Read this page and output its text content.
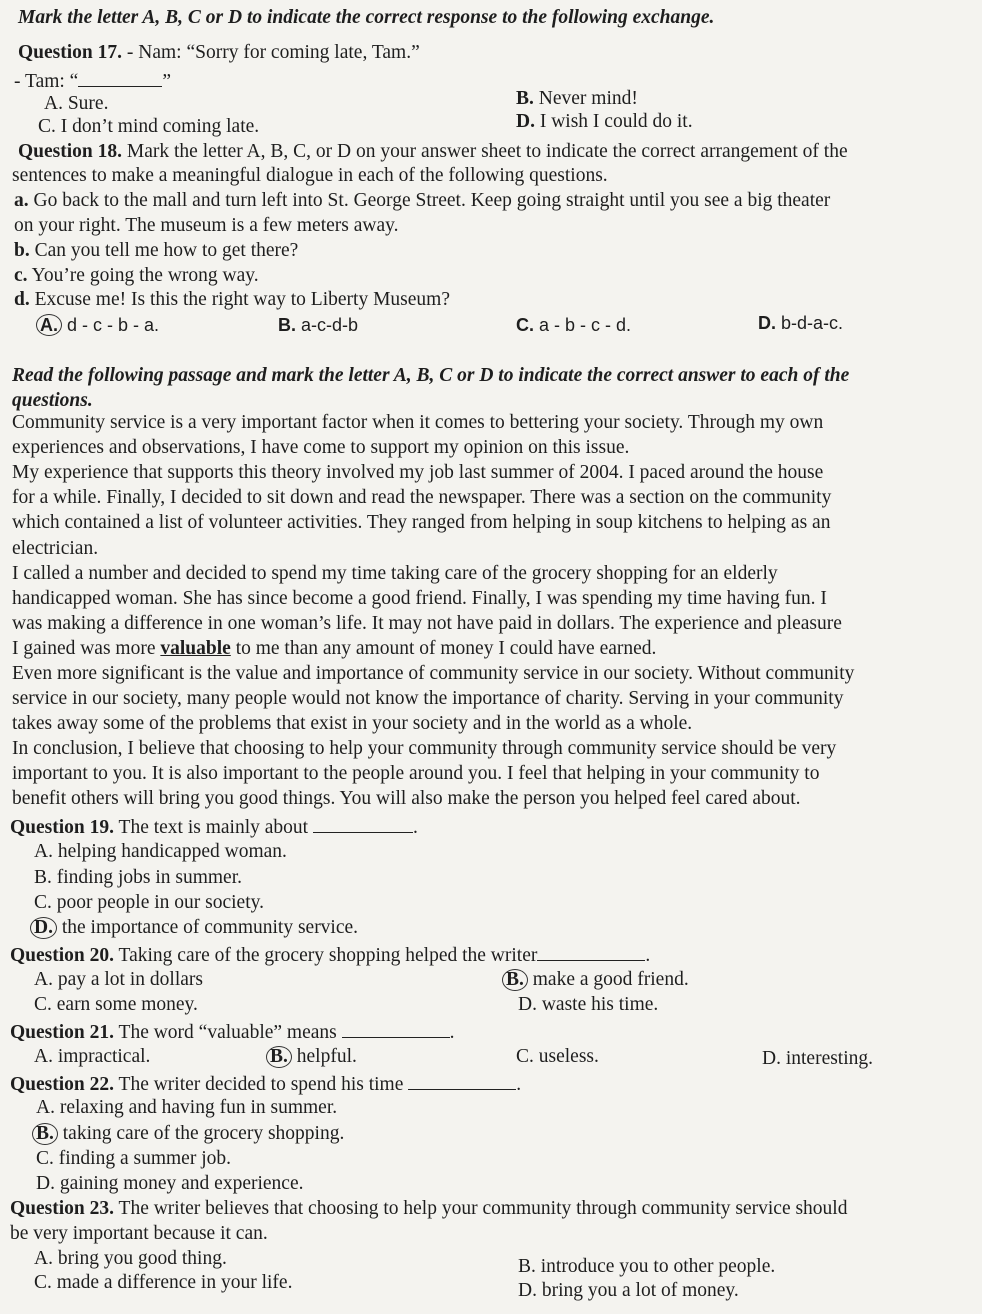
Mark the letter A, B, C or D to indicate the correct response to the following exchange.
Question 17. - Nam: “Sorry for coming late, Tam.”
- Tam: “	”
A. Sure.	B. Never mind!
C. I don’t mind coming late.	D. I wish I could do it.
Question 18. Mark the letter A, B, C, or D on your answer sheet to indicate the correct arrangement of the
sentences to make a meaningful dialogue in each of the following questions.
a. Go back to the mall and turn left into St. George Street. Keep going straight until you see a big theater
on your right. The museum is a few meters away.
b. Can you tell me how to get there?
c. You’re going the wrong way.
d. Excuse me! Is this the right way to Liberty Museum?
A. d - c - b - a.	B. a-c-d-b	C. a - b - c - d.	D. b-d-a-c.
Read the following passage and mark the letter A, B, C or D to indicate the correct answer to each of the
questions.
Community service is a very important factor when it comes to bettering your society. Through my own
experiences and observations, I have come to support my opinion on this issue.
My experience that supports this theory involved my job last summer of 2004. I paced around the house
for a while. Finally, I decided to sit down and read the newspaper. There was a section on the community
which contained a list of volunteer activities. They ranged from helping in soup kitchens to helping as an
electrician.
I called a number and decided to spend my time taking care of the grocery shopping for an elderly
handicapped woman. She has since become a good friend. Finally, I was spending my time having fun. I
was making a difference in one woman’s life. It may not have paid in dollars. The experience and pleasure
I gained was more valuable to me than any amount of money I could have earned.
Even more significant is the value and importance of community service in our society. Without community
service in our society, many people would not know the importance of charity. Serving in your community
takes away some of the problems that exist in your society and in the world as a whole.
In conclusion, I believe that choosing to help your community through community service should be very
important to you. It is also important to the people around you. I feel that helping in your community to
benefit others will bring you good things. You will also make the person you helped feel cared about.
Question 19. The text is mainly about	.
A. helping handicapped woman.
B. finding jobs in summer.
C. poor people in our society.
D. the importance of community service.
Question 20. Taking care of the grocery shopping helped the writer	.
A. pay a lot in dollars	B. make a good friend.
C. earn some money.	D. waste his time.
Question 21. The word “valuable” means	.
A. impractical.	B. helpful.	C. useless.	D. interesting.
Question 22. The writer decided to spend his time	.
A. relaxing and having fun in summer.
B. taking care of the grocery shopping.
C. finding a summer job.
D. gaining money and experience.
Question 23. The writer believes that choosing to help your community through community service should
be very important because it can.
A. bring you good thing.	B. introduce you to other people.
C. made a difference in your life.	D. bring you a lot of money.
